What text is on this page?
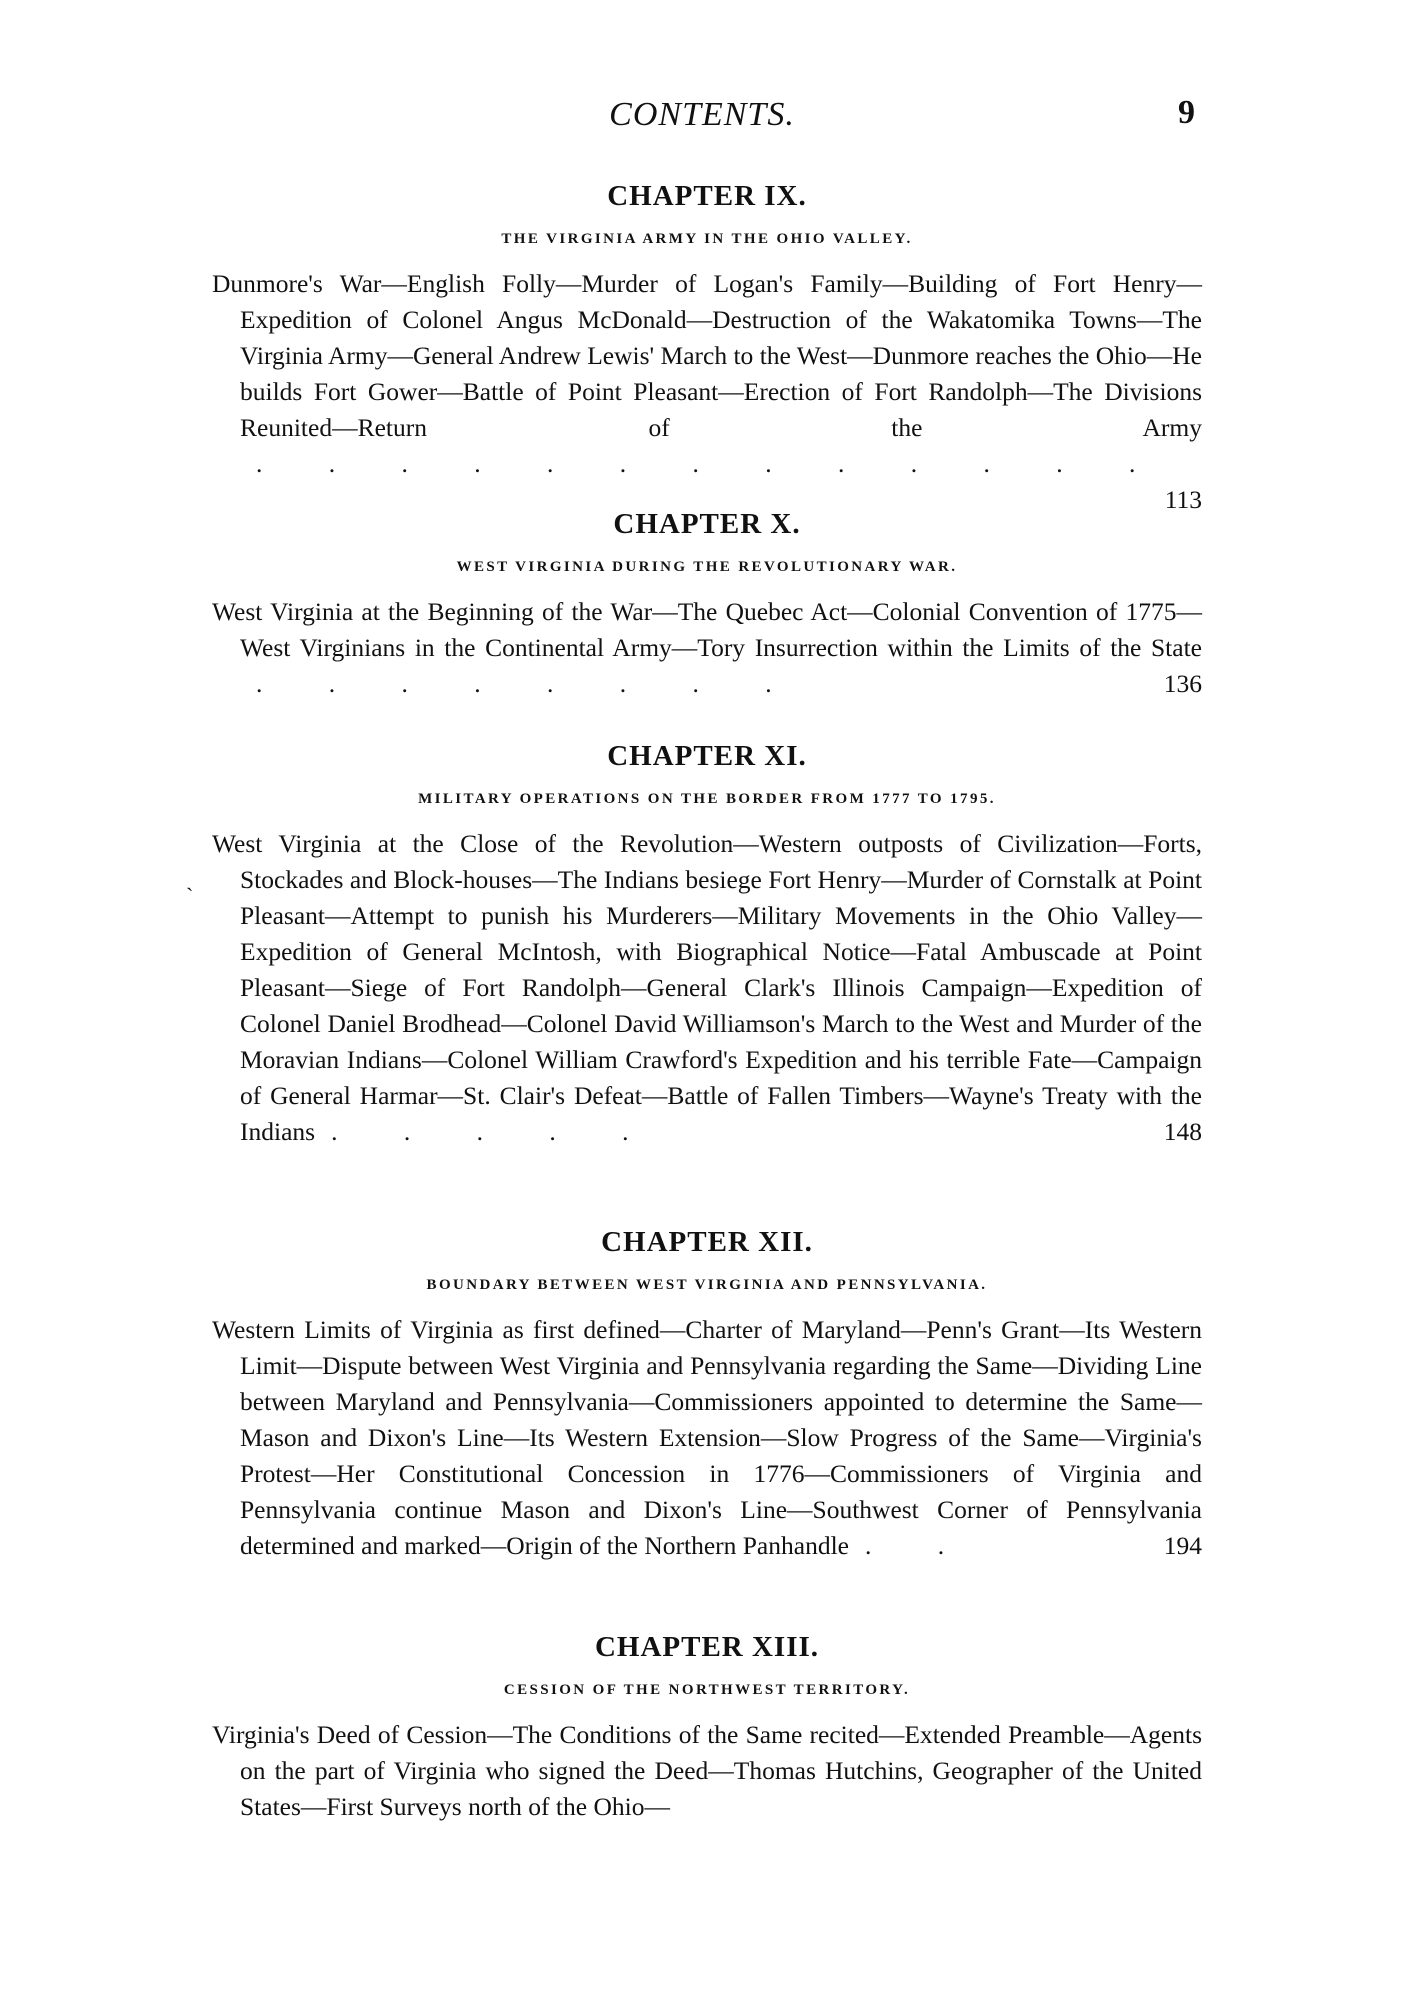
CONTENTS.	9
ˏ
CHAPTER IX.
THE VIRGINIA ARMY IN THE OHIO VALLEY.
Dunmore's War—English Folly—Murder of Logan's Family—Building of Fort Henry—Expedition of Colonel Angus McDonald—Destruction of the Wakatomika Towns—The Virginia Army—General Andrew Lewis' March to the West—Dunmore reaches the Ohio—He builds Fort Gower—Battle of Point Pleasant—Erection of Fort Randolph—The Divisions Reunited—Return of the Army. . . . . . . . . . . . .
113
CHAPTER X.
WEST VIRGINIA DURING THE REVOLUTIONARY WAR.
West Virginia at the Beginning of the War—The Quebec Act—Colonial Convention of 1775—West Virginians in the Continental Army—Tory Insurrection within the Limits of the State. . . . . . . .	136
CHAPTER XI.
MILITARY OPERATIONS ON THE BORDER FROM 1777 TO 1795.
West Virginia at the Close of the Revolution—Western outposts of Civilization—Forts, Stockades and Block-houses—The Indians besiege Fort Henry—Murder of Cornstalk at Point Pleasant—Attempt to punish his Murderers—Military Movements in the Ohio Valley—Expedition of General McIntosh, with Biographical Notice—Fatal Ambuscade at Point Pleasant—Siege of Fort Randolph—General Clark's Illinois Campaign—Expedition of Colonel Daniel Brodhead—Colonel David Williamson's March to the West and Murder of the Moravian Indians—Colonel William Crawford's Expedition and his terrible Fate—Campaign of General Harmar—St. Clair's Defeat—Battle of Fallen Timbers—Wayne's Treaty with the Indians . . . . .	148
CHAPTER XII.
BOUNDARY BETWEEN WEST VIRGINIA AND PENNSYLVANIA.
Western Limits of Virginia as first defined—Charter of Maryland—Penn's Grant—Its Western Limit—Dispute between West Virginia and Pennsylvania regarding the Same—Dividing Line between Maryland and Pennsylvania—Commissioners appointed to determine the Same—Mason and Dixon's Line—Its Western Extension—Slow Progress of the Same—Virginia's Protest—Her Constitutional Concession in 1776—Commissioners of Virginia and Pennsylvania continue Mason and Dixon's Line—Southwest Corner of Pennsylvania determined and marked—Origin of the Northern Panhandle . .	194
CHAPTER XIII.
CESSION OF THE NORTHWEST TERRITORY.
Virginia's Deed of Cession—The Conditions of the Same recited—Extended Preamble—Agents on the part of Virginia who signed the Deed—Thomas Hutchins, Geographer of the United States—First Surveys north of the Ohio—
